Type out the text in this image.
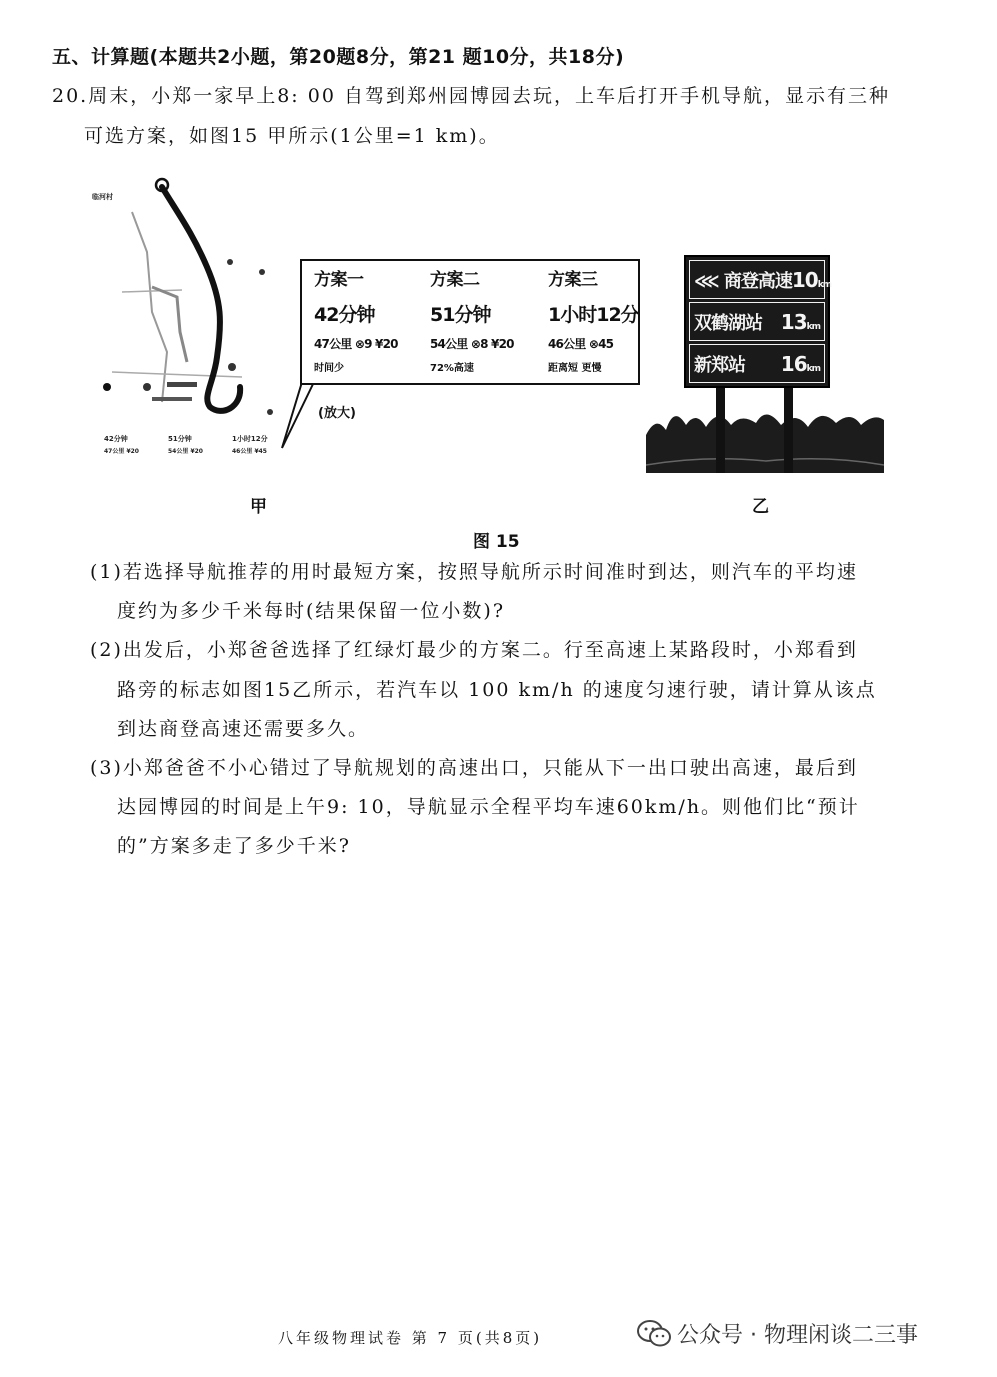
五、计算题(本题共2小题，第20题8分，第21 题10分，共18分)
20.周末，小郑一家早上8: 00 自驾到郑州园博园去玩，上车后打开手机导航，显示有三种
可选方案，如图15 甲所示(1公里=1 km)。
临河村
42分钟
47公里 ¥20
51分钟
54公里 ¥20
1小时12分
46公里 ¥45
方案一
42分钟
47公里 ⊗9 ¥20
时间少
方案二
51分钟
54公里 ⊗8 ¥20
72%高速
方案三
1小时12分
46公里 ⊗45
距离短 更慢
(放大)
⋘ 商登高速 10km
双鹤湖站 13km
新郑站 16km
甲	乙
图 15
(1)若选择导航推荐的用时最短方案，按照导航所示时间准时到达，则汽车的平均速
度约为多少千米每时(结果保留一位小数)?
(2)出发后，小郑爸爸选择了红绿灯最少的方案二。行至高速上某路段时，小郑看到
路旁的标志如图15乙所示，若汽车以 100 km/h 的速度匀速行驶，请计算从该点
到达商登高速还需要多久。
(3)小郑爸爸不小心错过了导航规划的高速出口，只能从下一出口驶出高速，最后到
达园博园的时间是上午9: 10，导航显示全程平均车速60km/h。则他们比“预计
的”方案多走了多少千米?
八年级物理试卷 第 7 页(共8页)	公众号 · 物理闲谈二三事
